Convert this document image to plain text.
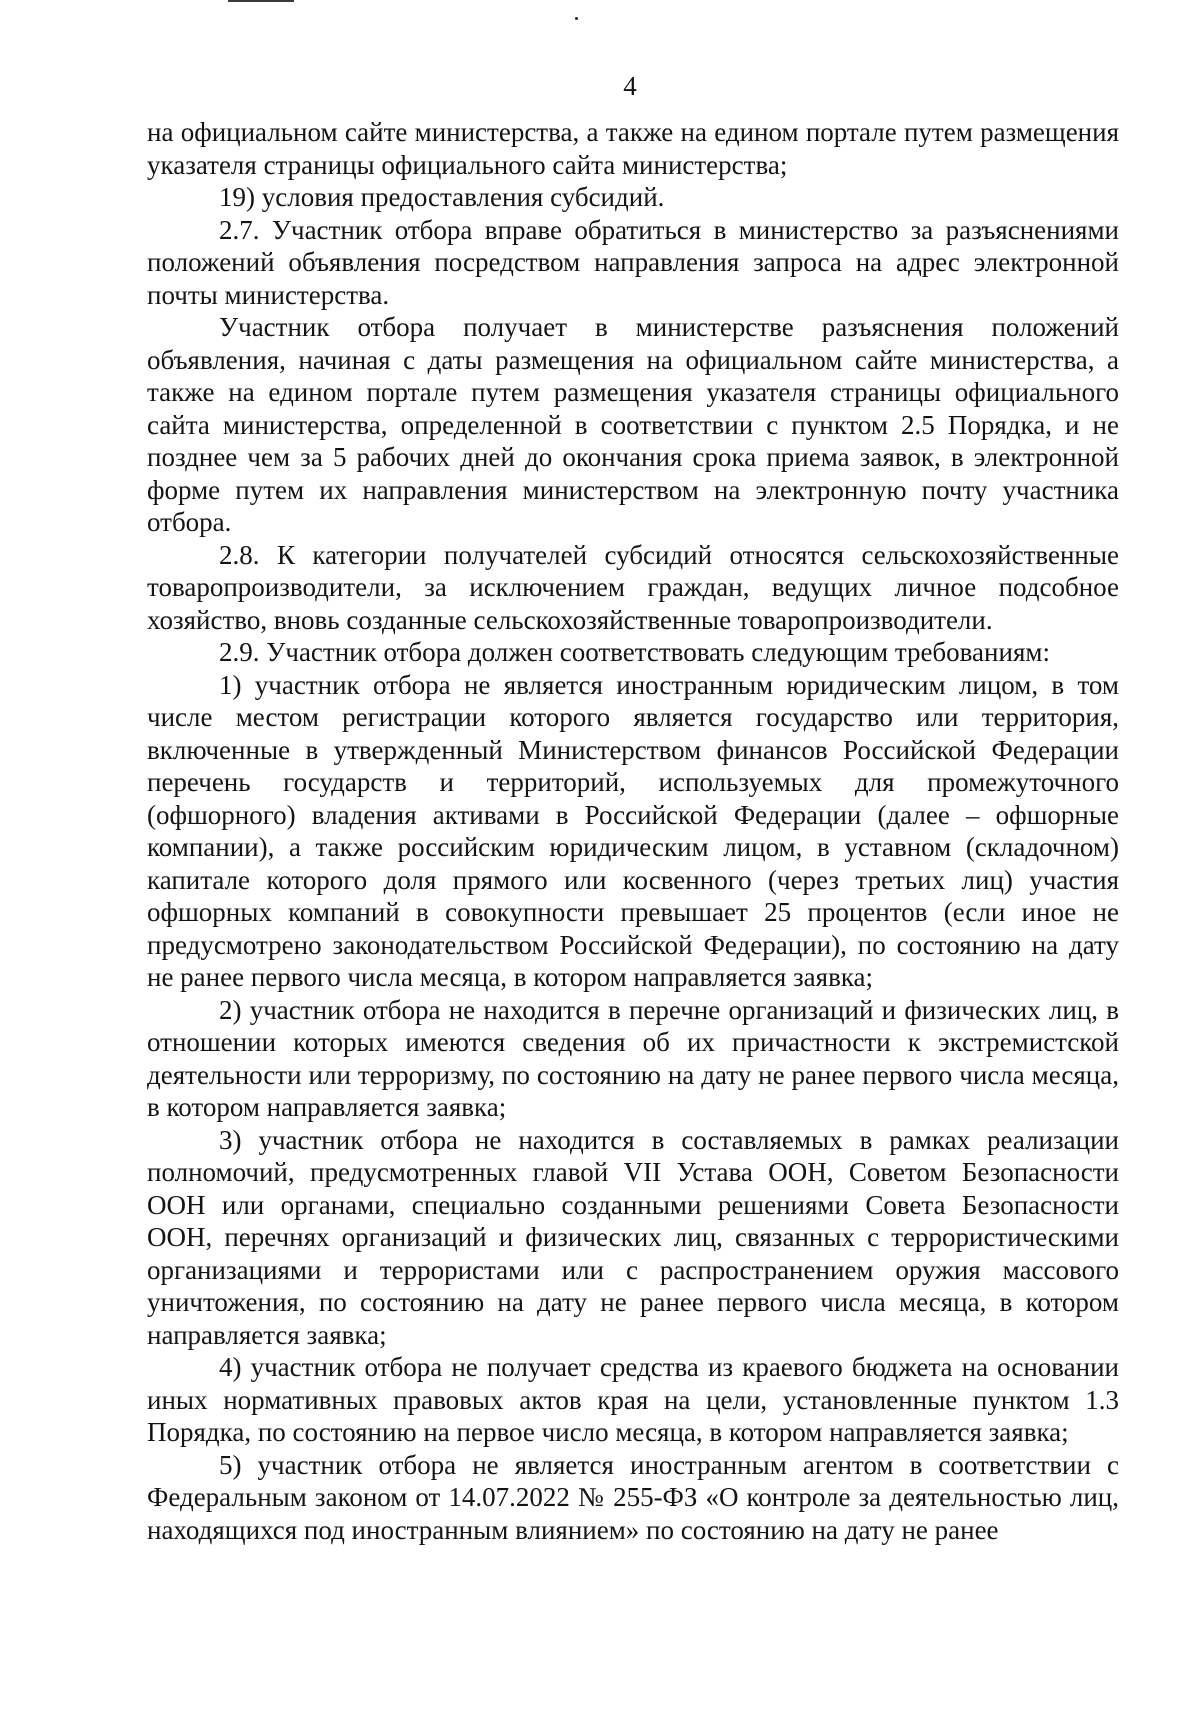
4

на официальном сайте министерства, а также на едином портале путем размещения указателя страницы официального сайта министерства;

19) условия предоставления субсидий.

2.7. Участник отбора вправе обратиться в министерство за разъяснениями положений объявления посредством направления запроса на адрес электронной почты министерства.

Участник отбора получает в министерстве разъяснения положений объявления, начиная с даты размещения на официальном сайте министерства, а также на едином портале путем размещения указателя страницы официального сайта министерства, определенной в соответствии с пунктом 2.5 Порядка, и не позднее чем за 5 рабочих дней до окончания срока приема заявок, в электронной форме путем их направления министерством на электронную почту участника отбора.

2.8. К категории получателей субсидий относятся сельскохозяйственные товаропроизводители, за исключением граждан, ведущих личное подсобное хозяйство, вновь созданные сельскохозяйственные товаропроизводители.

2.9. Участник отбора должен соответствовать следующим требованиям:

1) участник отбора не является иностранным юридическим лицом, в том числе местом регистрации которого является государство или территория, включенные в утвержденный Министерством финансов Российской Федерации перечень государств и территорий, используемых для промежуточного (офшорного) владения активами в Российской Федерации (далее – офшорные компании), а также российским юридическим лицом, в уставном (складочном) капитале которого доля прямого или косвенного (через третьих лиц) участия офшорных компаний в совокупности превышает 25 процентов (если иное не предусмотрено законодательством Российской Федерации), по состоянию на дату не ранее первого числа месяца, в котором направляется заявка;

2) участник отбора не находится в перечне организаций и физических лиц, в отношении которых имеются сведения об их причастности к экстремистской деятельности или терроризму, по состоянию на дату не ранее первого числа месяца, в котором направляется заявка;

3) участник отбора не находится в составляемых в рамках реализации полномочий, предусмотренных главой VII Устава ООН, Советом Безопасности ООН или органами, специально созданными решениями Совета Безопасности ООН, перечнях организаций и физических лиц, связанных с террористическими организациями и террористами или с распространением оружия массового уничтожения, по состоянию на дату не ранее первого числа месяца, в котором направляется заявка;

4) участник отбора не получает средства из краевого бюджета на основании иных нормативных правовых актов края на цели, установленные пунктом 1.3 Порядка, по состоянию на первое число месяца, в котором направляется заявка;

5) участник отбора не является иностранным агентом в соответствии с Федеральным законом от 14.07.2022 № 255-ФЗ «О контроле за деятельностью лиц, находящихся под иностранным влиянием» по состоянию на дату не ранее
